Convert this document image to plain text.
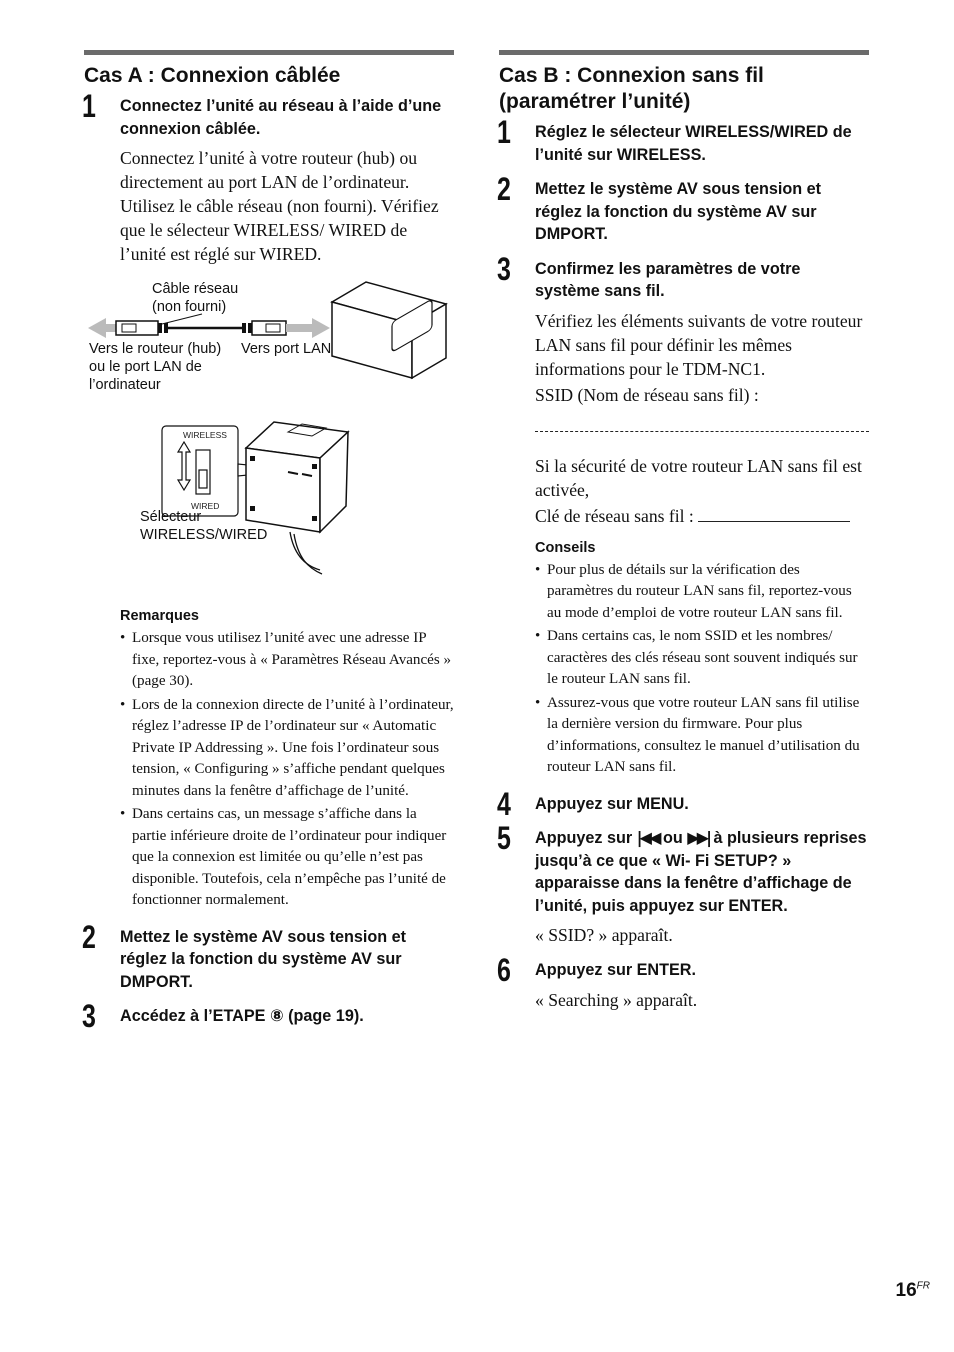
Cas A : Connexion câblée
1 Connectez l’unité au réseau à l’aide d’une connexion câblée.

Connectez l’unité à votre routeur (hub) ou directement au port LAN de l’ordinateur. Utilisez le câble réseau (non fourni). Vérifiez que le sélecteur WIRELESS/ WIRED de l’unité est réglé sur WIRED.

Câble réseau
(non fourni)
Vers le routeur (hub)
ou le port LAN de
l’ordinateur
Vers port LAN
WIRELESS
WIRED
Sélecteur
WIRELESS/WIRED
Remarques
• Lorsque vous utilisez l’unité avec une adresse IP fixe, reportez-vous à « Paramètres Réseau Avancés » (page 30).
• Lors de la connexion directe de l’unité à l’ordinateur, réglez l’adresse IP de l’ordinateur sur « Automatic Private IP Addressing ». Une fois l’ordinateur sous tension, « Configuring » s’affiche pendant quelques minutes dans la fenêtre d’affichage de l’unité.
• Dans certains cas, un message s’affiche dans la partie inférieure droite de l’ordinateur pour indiquer que la connexion est limitée ou qu’elle n’est pas disponible. Toutefois, cela n’empêche pas l’unité de fonctionner normalement.
2 Mettez le système AV sous tension et réglez la fonction du système AV sur DMPORT.

3 Accédez à l’ETAPE ⑧ (page 19).

Cas B : Connexion sans fil
(paramétrer l’unité)
1 Réglez le sélecteur WIRELESS/WIRED de l’unité sur WIRELESS.

2 Mettez le système AV sous tension et réglez la fonction du système AV sur DMPORT.

3 Confirmez les paramètres de votre système sans fil.

Vérifiez les éléments suivants de votre routeur LAN sans fil pour définir les mêmes informations pour le TDM-NC1.

SSID (Nom de réseau sans fil) :

Si la sécurité de votre routeur LAN sans fil est activée,

Clé de réseau sans fil :

Conseils
• Pour plus de détails sur la vérification des paramètres du routeur LAN sans fil, reportez-vous au mode d’emploi de votre routeur LAN sans fil.
• Dans certains cas, le nom SSID et les nombres/ caractères des clés réseau sont souvent indiqués sur le routeur LAN sans fil.
• Assurez-vous que votre routeur LAN sans fil utilise la dernière version du firmware. Pour plus d’informations, consultez le manuel d’utilisation du routeur LAN sans fil.
4 Appuyez sur MENU.

5 Appuyez sur |◀◀ ou ▶▶| à plusieurs reprises jusqu’à ce que « Wi- Fi SETUP? » apparaisse dans la fenêtre d’affichage de l’unité, puis appuyez sur ENTER.

« SSID? » apparaît.

6 Appuyez sur ENTER.

« Searching » apparaît.

$16^{FR}$
